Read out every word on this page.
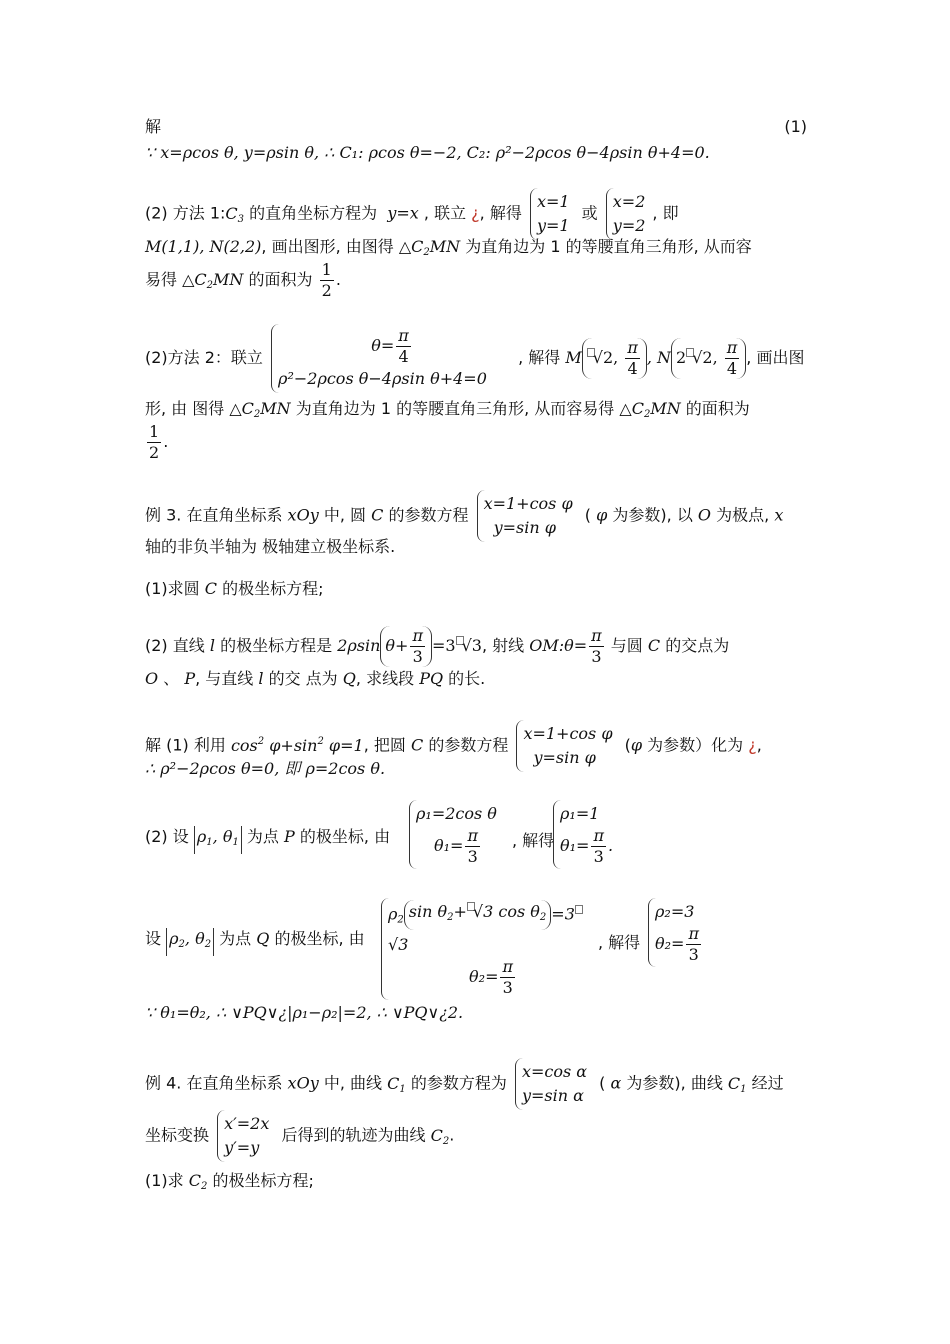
解	(1)
∵ x=ρcos θ, y=ρsin θ, ∴ C₁: ρcos θ=−2, C₂: ρ²−2ρcos θ−4ρsin θ+4=0.
(2) 方法 $1:C_3$ 的直角坐标方程为 y=x , 联立 ¿, 解得
x=1
y=1
或
x=2
y=2
, 即
M(1,1), N(2,2), 画出图形, 由图得 $\triangle C_2MN$ 为直角边为 1 的等腰直角三角形, 从而容
易得 $\triangle C_2MN$ 的面积为 $\frac{1}{2}$ .
(2)方法 2：联立
$\theta= \frac{\pi}{4}$
ρ²−2ρcos θ−4ρsin θ+4=0
, 解得 M √2, $\frac{\pi}{4}$ , N 2 √2, $\frac{\pi}{4}$ , 画出图
形, 由 图得 $\triangle C_2MN$ 为直角边为 1 的等腰直角三角形, 从而容易得 $\triangle C_2MN$ 的面积为
$\frac{1}{2}$ .
例 3. 在直角坐标系 xOy 中, 圆 C 的参数方程
x=1+cos φ
y=sin φ
( φ 为参数), 以 O 为极点, x
轴的非负半轴为 极轴建立极坐标系.
(1)求圆 C 的极坐标方程;
(2) 直线 l 的极坐标方程是 2ρsin $\theta+ \frac{\pi}{3} =3$ √3, 射线 OM:θ= $\frac{\pi}{3}$ 与圆 C 的交点为
O 、 P, 与直线 l 的交 点为 Q, 求线段 PQ 的长.
解 (1) 利用 $\cos^2 \varphi+\sin^2$ φ=1, 把圆 C 的参数方程
x=1+cos φ
y=sin φ
(φ 为参数）化为 ¿,
∴ ρ²−2ρcos θ=0, 即 ρ=2cos θ.
(2) 设 $\rho_1$, $\theta_1$ 为点 P 的极坐标, 由
ρ₁=2cos θ
$\theta_1= \frac{\pi}{3}$ , 解得
ρ₁=1
$\theta_1= \frac{\pi}{3}$ .
设 $\rho_2$, $\theta_2$ 为点 Q 的极坐标, 由
$\rho_2$ $\sin \theta_2+ √3$ $\cos \theta_2 =3√3$
$\theta_2= \frac{\pi}{3}$
, 解得
ρ₂=3
$\theta_2= \frac{\pi}{3}$
∵ θ₁=θ₂, ∴ ∨PQ∨¿|ρ₁−ρ₂|=2, ∴ ∨PQ∨¿2.
例 4. 在直角坐标系 xOy 中, 曲线 $C_1$ 的参数方程为
x=cos α
y=sin α
( α 为参数), 曲线 $C_1$ 经过
坐标变换
x′=2x
y′=y
后得到的轨迹为曲线 $C_2$.
(1)求 $C_2$ 的极坐标方程;
